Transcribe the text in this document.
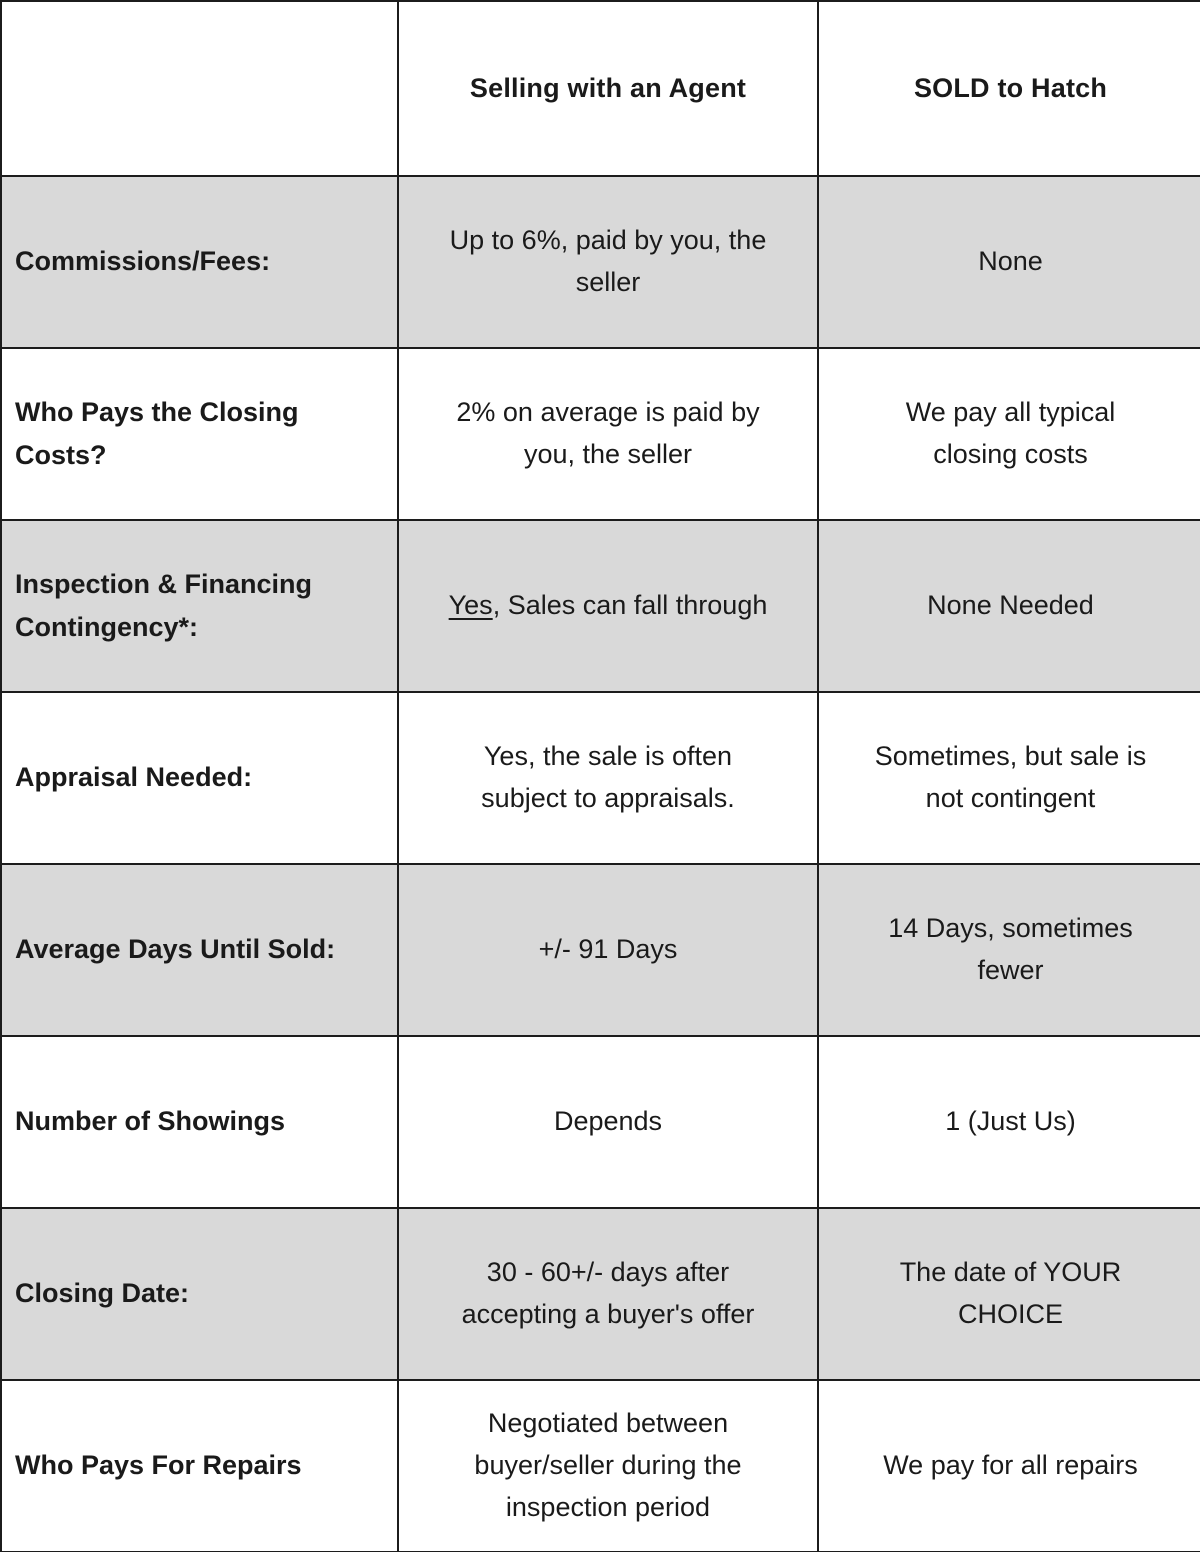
	Selling with an Agent	SOLD to Hatch
Commissions/Fees:	Up to 6%, paid by you, the seller	None
Who Pays the Closing Costs?	2% on average is paid by you, the seller	We pay all typical closing costs
Inspection & Financing Contingency*:	Yes, Sales can fall through	None Needed
Appraisal Needed:	Yes, the sale is often subject to appraisals.	Sometimes, but sale is not contingent
Average Days Until Sold:	+/⁠- 91 Days	14 Days, sometimes fewer
Number of Showings	Depends	1 (Just Us)
Closing Date:	30 - 60+/⁠- days after accepting a buyer's offer	The date of YOUR CHOICE
Who Pays For Repairs	Negotiated between buyer/⁠seller during the inspection period	We pay for all repairs
